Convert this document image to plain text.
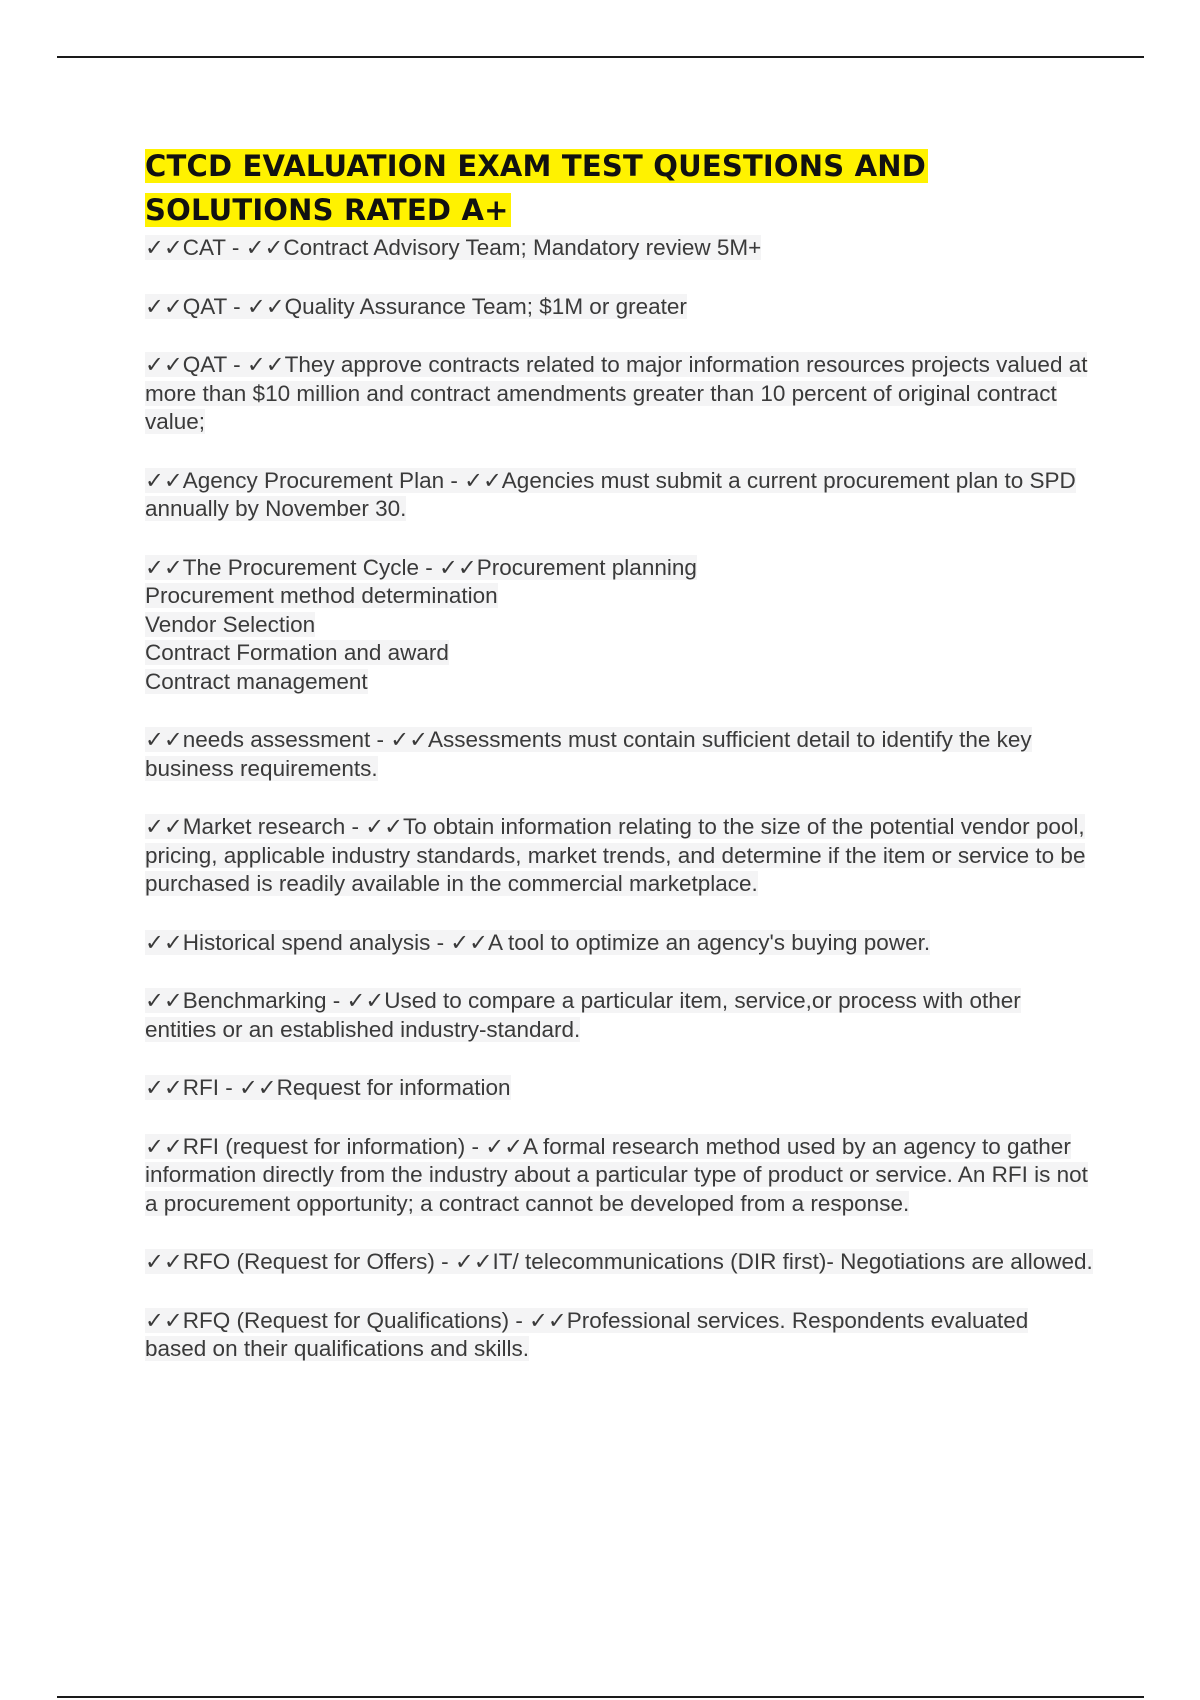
CTCD EVALUATION EXAM TEST QUESTIONS AND
SOLUTIONS RATED A+

✓✓CAT - ✓✓Contract Advisory Team; Mandatory review 5M+

✓✓QAT - ✓✓Quality Assurance Team; $1M or greater

✓✓QAT - ✓✓They approve contracts related to major information resources projects valued at more than $10 million and contract amendments greater than 10 percent of original contract value;

✓✓Agency Procurement Plan - ✓✓Agencies must submit a current procurement plan to SPD annually by November 30.

✓✓The Procurement Cycle - ✓✓Procurement planning
Procurement method determination
Vendor Selection
Contract Formation and award
Contract management

✓✓needs assessment - ✓✓Assessments must contain sufficient detail to identify the key business requirements.

✓✓Market research - ✓✓To obtain information relating to the size of the potential vendor pool, pricing, applicable industry standards, market trends, and determine if the item or service to be purchased is readily available in the commercial marketplace.

✓✓Historical spend analysis - ✓✓A tool to optimize an agency's buying power.

✓✓Benchmarking - ✓✓Used to compare a particular item, service,or process with other entities or an established industry-standard.

✓✓RFI - ✓✓Request for information

✓✓RFI (request for information) - ✓✓A formal research method used by an agency to gather information directly from the industry about a particular type of product or service. An RFI is not a procurement opportunity; a contract cannot be developed from a response.

✓✓RFO (Request for Offers) - ✓✓IT/ telecommunications (DIR first)- Negotiations are allowed.

✓✓RFQ (Request for Qualifications) - ✓✓Professional services. Respondents evaluated based on their qualifications and skills.
